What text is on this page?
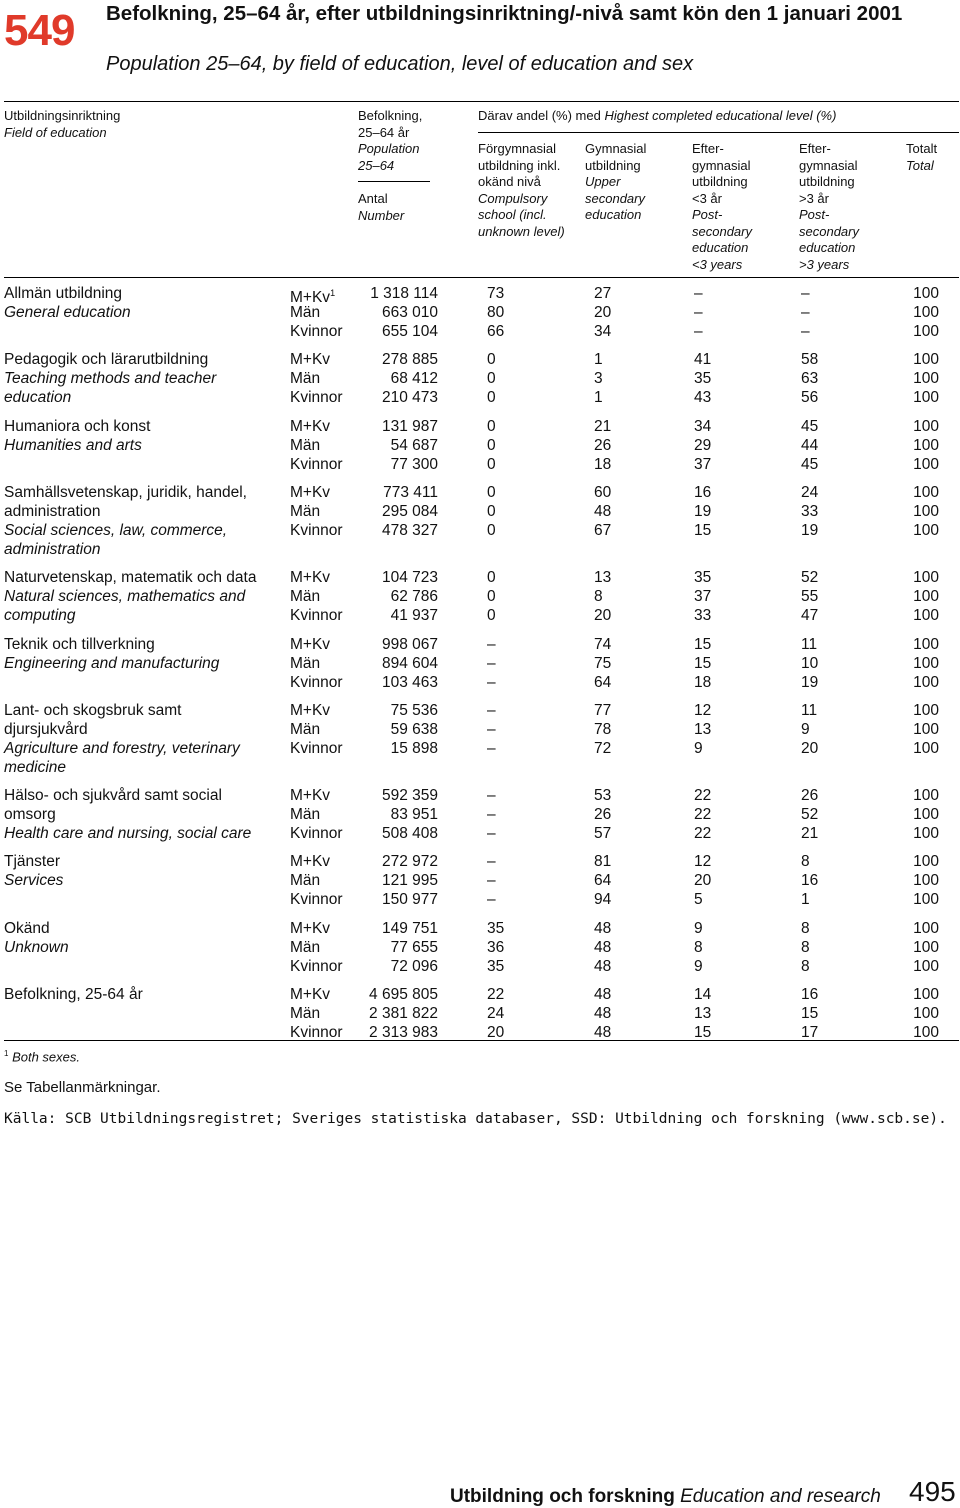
549 Befolkning, 25–64 år, efter utbildningsinriktning/-nivå samt kön den 1 januari 2001
Population 25–64, by field of education, level of education and sex
Utbildningsinriktning
Field of education
Befolkning,
25–64 år
Population
25–64
Antal
Number
Därav andel (%) med Highest completed educational level (%)
Förgymnasial
utbildning inkl.
okänd nivå
Compulsory
school (incl.
unknown level)
Gymnasial
utbildning
Upper
secondary
education
Efter-
gymnasial
utbildning
<3 år
Post-
secondary
education
<3 years
Efter-
gymnasial
utbildning
>3 år
Post-
secondary
education
>3 years
Totalt
Total
Allmän utbildning
General education
$M+Kv^1$	1 318 114	73	27	–	–	100
Män	663 010	80	20	–	–	100
Kvinnor	655 104	66	34	–	–	100
Pedagogik och lärarutbildning
Teaching methods and teacher
education
M+Kv	278 885	0	1	41	58	100
Män	68 412	0	3	35	63	100
Kvinnor	210 473	0	1	43	56	100
Humaniora och konst
Humanities and arts
M+Kv	131 987	0	21	34	45	100
Män	54 687	0	26	29	44	100
Kvinnor	77 300	0	18	37	45	100
Samhällsvetenskap, juridik, handel,
administration
Social sciences, law, commerce,
administration
M+Kv	773 411	0	60	16	24	100
Män	295 084	0	48	19	33	100
Kvinnor	478 327	0	67	15	19	100
Naturvetenskap, matematik och data
Natural sciences, mathematics and
computing
M+Kv	104 723	0	13	35	52	100
Män	62 786	0	8	37	55	100
Kvinnor	41 937	0	20	33	47	100
Teknik och tillverkning
Engineering and manufacturing
M+Kv	998 067	–	74	15	11	100
Män	894 604	–	75	15	10	100
Kvinnor	103 463	–	64	18	19	100
Lant- och skogsbruk samt
djursjukvård
Agriculture and forestry, veterinary
medicine
M+Kv	75 536	–	77	12	11	100
Män	59 638	–	78	13	9	100
Kvinnor	15 898	–	72	9	20	100
Hälso- och sjukvård samt social
omsorg
Health care and nursing, social care
M+Kv	592 359	–	53	22	26	100
Män	83 951	–	26	22	52	100
Kvinnor	508 408	–	57	22	21	100
Tjänster
Services
M+Kv	272 972	–	81	12	8	100
Män	121 995	–	64	20	16	100
Kvinnor	150 977	–	94	5	1	100
Okänd
Unknown
M+Kv	149 751	35	48	9	8	100
Män	77 655	36	48	8	8	100
Kvinnor	72 096	35	48	9	8	100
Befolkning, 25-64 år	M+Kv	4 695 805	22	48	14	16	100
Män	2 381 822	24	48	13	15	100
Kvinnor	2 313 983	20	48	15	17	100
$^1$ Both sexes.
Se Tabellanmärkningar.
Källa: SCB Utbildningsregistret; Sveriges statistiska databaser, SSD: Utbildning och forskning (www.scb.se).
Utbildning och forskning Education and research 495
